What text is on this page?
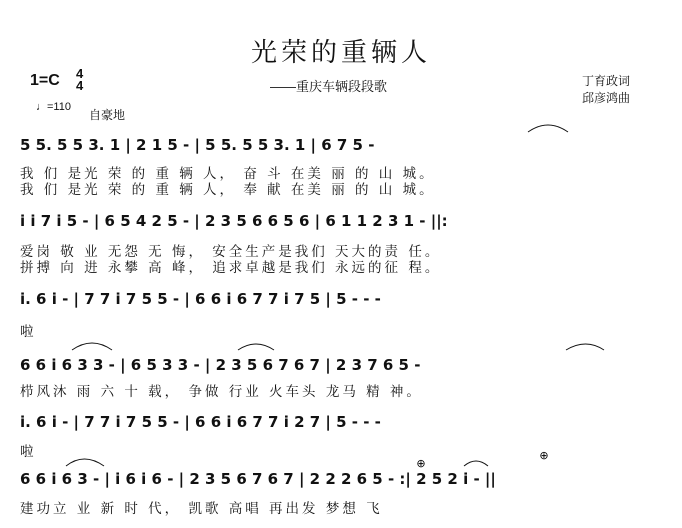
光荣的重辆人
1=C 4
4
♩=110
自豪地
——重庆车辆段段歌	丁育政词
邱彦鸿曲
5 5. 5 5 3. 1 | 2 1 5 - | 5 5. 5 5 3. 1 | 6 7 5 -
我 们 是光 荣 的 重 辆 人， 奋 斗 在美 丽 的 山 城。
我 们 是光 荣 的 重 辆 人， 奉 献 在美 丽 的 山 城。
i i 7 i 5 - | 6 5 4 2 5 - | 2 3 5 6 6 5 6 | 6 1 1 2 3 1 - ||:
爱岗 敬 业 无怨 无 悔， 安全生产是我们 天大的责 任。
拼搏 向 进 永攀 高 峰， 追求卓越是我们 永远的征 程。
i. 6 i - | 7 7 i 7 5 5 - | 6 6 i 6 7 7 i 7 5 | 5 - - -
啦
6 6 i 6 3 3 - | 6 5 3 3 - | 2 3 5 6 7 6 7 | 2 3 7 6 5 -
栉风沐 雨 六 十 载， 争做 行业 火车头 龙马 精 神。
i. 6 i - | 7 7 i 7 5 5 - | 6 6 i 6 7 7 i 2 7 | 5 - - -
啦
6 6 i 6 3 - | i 6 i 6 - | 2 3 5 6 7 6 7 | 2 2 2 6 5 - :| 2 5 2 i - ||
建功立 业 新 时 代， 凯歌 高唱 再出发 梦想 飞
⊕
⊕
